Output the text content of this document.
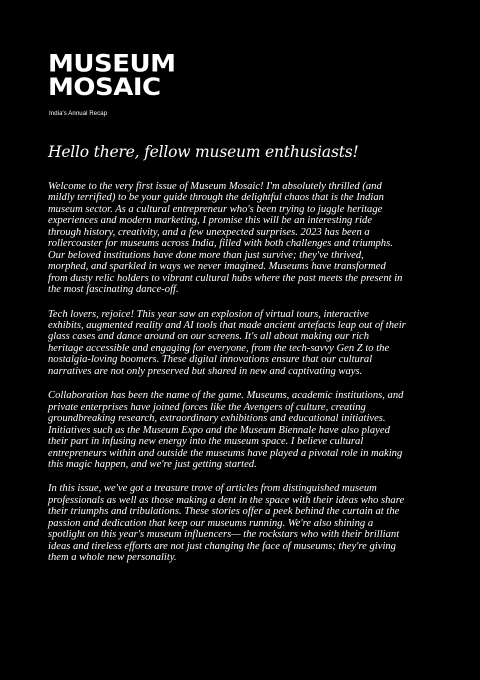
MUSEUM
MOSAIC
India's Annual Recap
Hello there, fellow museum enthusiasts!

Welcome to the very first issue of Museum Mosaic! I'm absolutely thrilled (and mildly terrified) to be your guide through the delightful chaos that is the Indian museum sector. As a cultural entrepreneur who's been trying to juggle heritage experiences and modern marketing, I promise this will be an interesting ride through history, creativity, and a few unexpected surprises. 2023 has been a rollercoaster for museums across India, filled with both challenges and triumphs. Our beloved institutions have done more than just survive; they've thrived, morphed, and sparkled in ways we never imagined. Museums have transformed from dusty relic holders to vibrant cultural hubs where the past meets the present in the most fascinating dance-off.

Tech lovers, rejoice! This year saw an explosion of virtual tours, interactive exhibits, augmented reality and AI tools that made ancient artefacts leap out of their glass cases and dance around on our screens. It's all about making our rich heritage accessible and engaging for everyone, from the tech-savvy Gen Z to the nostalgia-loving boomers. These digital innovations ensure that our cultural narratives are not only preserved but shared in new and captivating ways.

Collaboration has been the name of the game. Museums, academic institutions, and private enterprises have joined forces like the Avengers of culture, creating groundbreaking research, extraordinary exhibitions and educational initiatives. Initiatives such as the Museum Expo and the Museum Biennale have also played their part in infusing new energy into the museum space. I believe cultural entrepreneurs within and outside the museums have played a pivotal role in making this magic happen, and we're just getting started.

In this issue, we've got a treasure trove of articles from distinguished museum professionals as well as those making a dent in the space with their ideas who share their triumphs and tribulations. These stories offer a peek behind the curtain at the passion and dedication that keep our museums running. We're also shining a spotlight on this year's museum influencers— the rockstars who with their brilliant ideas and tireless efforts are not just changing the face of museums; they're giving them a whole new personality.
